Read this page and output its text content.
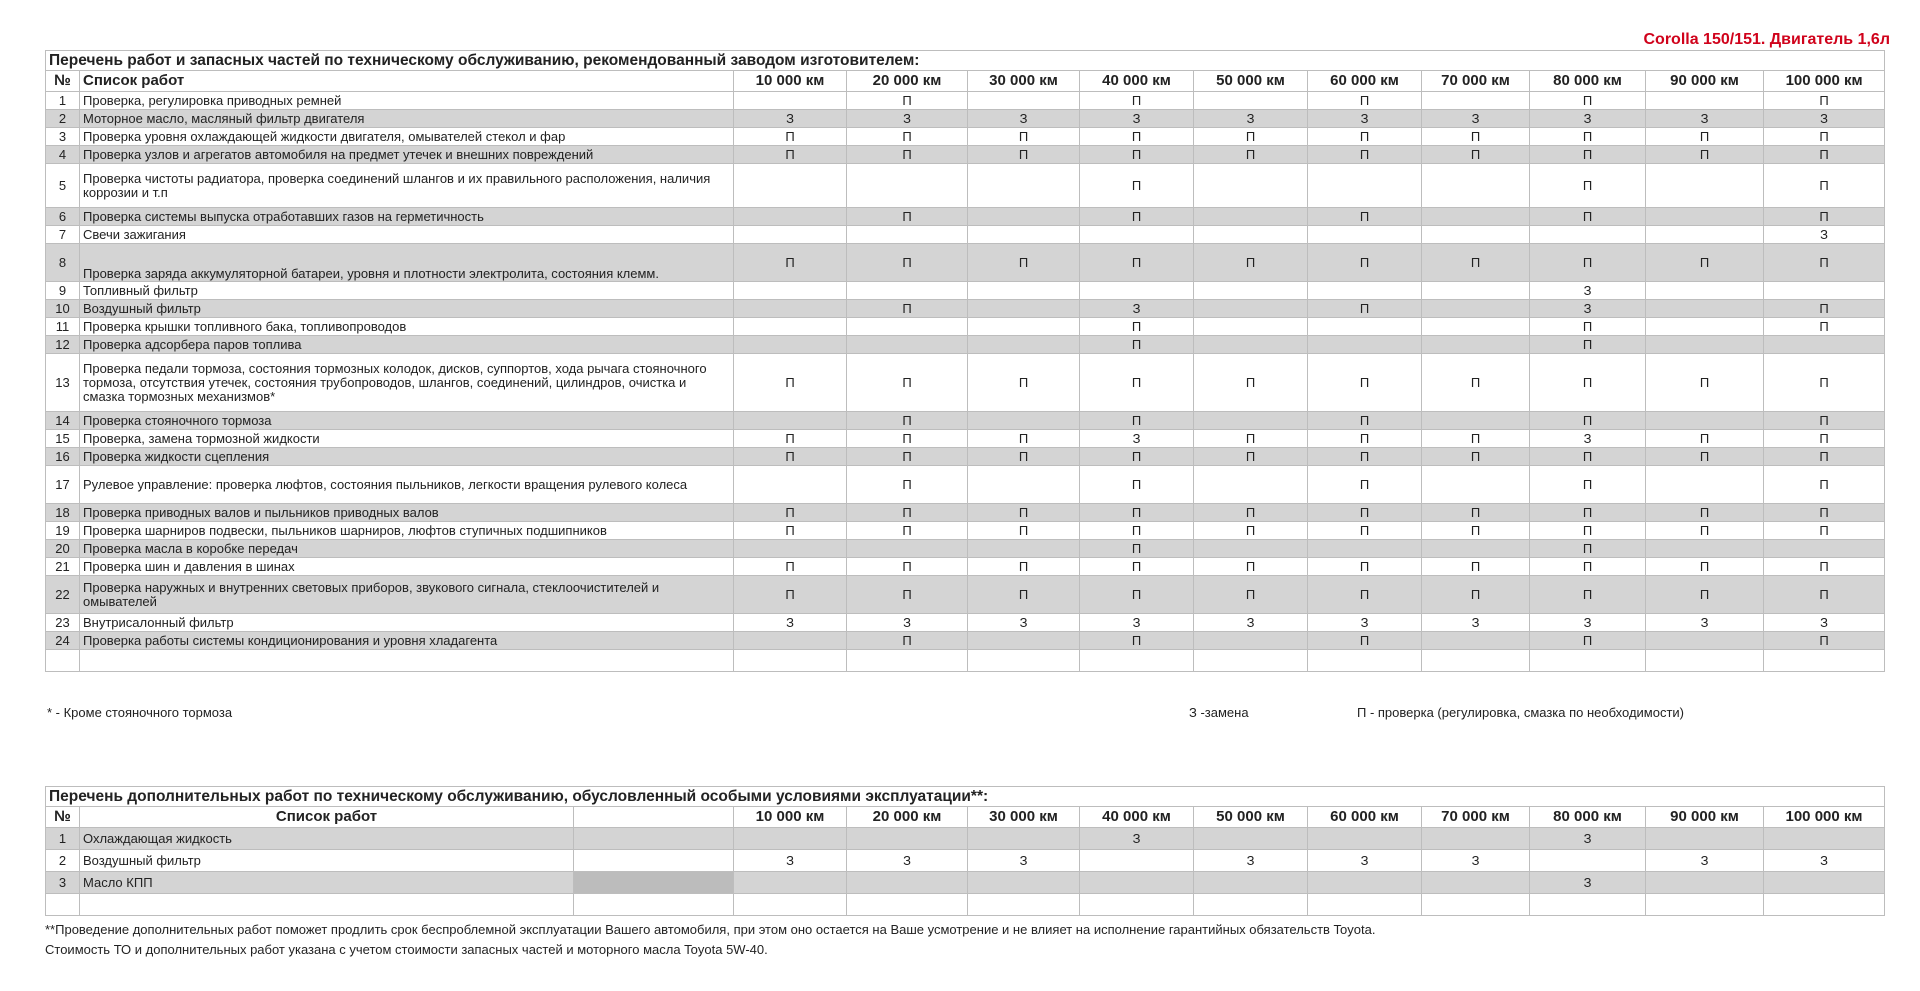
Corolla 150/151. Двигатель 1,6л
Перечень работ и запасных частей по техническому обслуживанию, рекомендованный заводом изготовителем:											
№	Список работ	10 000 км	20 000 км	30 000 км	40 000 км	50 000 км	60 000 км	70 000 км	80 000 км	90 000 км	100 000 км
1	Проверка, регулировка приводных ремней		П		П		П		П		П
2	Моторное масло, масляный фильтр двигателя	З	З	З	З	З	З	З	З	З	З
3	Проверка уровня охлаждающей жидкости двигателя, омывателей стекол и фар	П	П	П	П	П	П	П	П	П	П
4	Проверка узлов и агрегатов автомобиля на предмет утечек и внешних повреждений	П	П	П	П	П	П	П	П	П	П
5	Проверка чистоты радиатора, проверка соединений шлангов и их правильного расположения, наличия коррозии и т.п				П				П		П
6	Проверка системы выпуска отработавших газов на герметичность		П		П		П		П		П
7	Свечи зажигания										З
8	Проверка заряда аккумуляторной батареи, уровня и плотности электролита, состояния клемм.	П	П	П	П	П	П	П	П	П	П
9	Топливный фильтр								З		
10	Воздушный фильтр		П		З		П		З		П
11	Проверка крышки топливного бака, топливопроводов				П				П		П
12	Проверка адсорбера паров топлива				П				П		
13	Проверка педали тормоза, состояния тормозных колодок, дисков, суппортов, хода рычага стояночного тормоза, отсутствия утечек, состояния трубопроводов, шлангов, соединений, цилиндров, очистка и смазка тормозных механизмов*	П	П	П	П	П	П	П	П	П	П
14	Проверка стояночного тормоза		П		П		П		П		П
15	Проверка, замена тормозной жидкости	П	П	П	З	П	П	П	З	П	П
16	Проверка жидкости сцепления	П	П	П	П	П	П	П	П	П	П
17	Рулевое управление: проверка люфтов, состояния пыльников, легкости вращения рулевого колеса		П		П		П		П		П
18	Проверка приводных валов и пыльников приводных валов	П	П	П	П	П	П	П	П	П	П
19	Проверка шарниров подвески, пыльников шарниров, люфтов ступичных подшипников	П	П	П	П	П	П	П	П	П	П
20	Проверка масла в коробке передач				П				П		
21	Проверка шин и давления в шинах	П	П	П	П	П	П	П	П	П	П
22	Проверка наружных и внутренних световых приборов, звукового сигнала, стеклоочистителей и омывателей	П	П	П	П	П	П	П	П	П	П
23	Внутрисалонный фильтр	З	З	З	З	З	З	З	З	З	З
24	Проверка работы системы кондиционирования и уровня хладагента		П		П		П		П		П

* - Кроме стояночного тормоза	З -замена	П - проверка (регулировка, смазка по необходимости)
Перечень дополнительных работ по техническому обслуживанию, обусловленный особыми условиями эксплуатации**:												
№	Список работ		10 000 км	20 000 км	30 000 км	40 000 км	50 000 км	60 000 км	70 000 км	80 000 км	90 000 км	100 000 км
1	Охлаждающая жидкость					З				З		
2	Воздушный фильтр		З	З	З		З	З	З		З	З
3	Масло КПП									З		

**Проведение дополнительных работ поможет продлить срок беспроблемной эксплуатации Вашего автомобиля, при этом оно остается на Ваше усмотрение и не влияет на исполнение гарантийных обязательств Toyota.
Стоимость ТО и дополнительных работ указана с учетом стоимости запасных частей и моторного масла Toyota 5W-40.
